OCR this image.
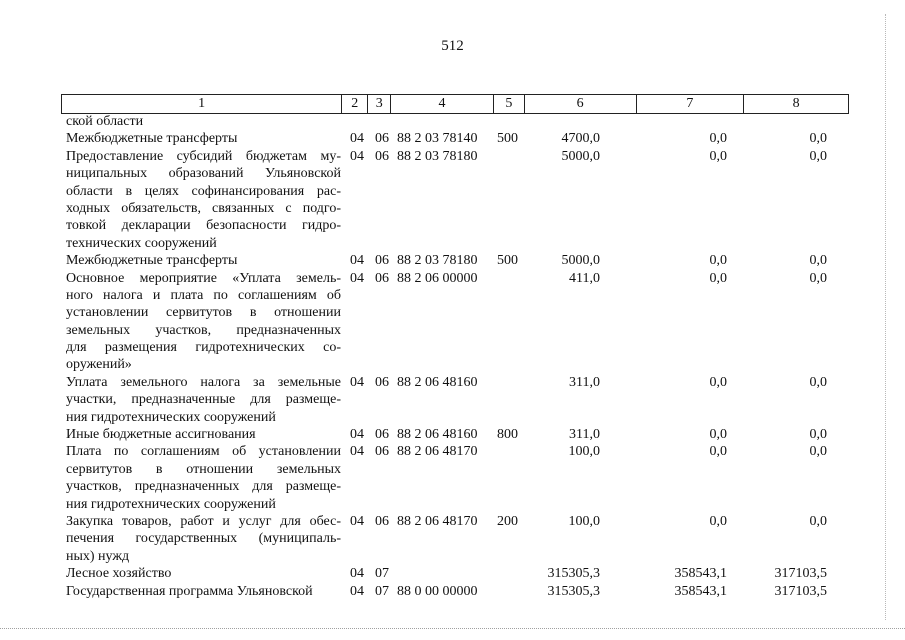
512
1	2	3	4	5	6	7	8
ской области
Межбюджетные трансферты	04 06 88 2 03 78140	500	4700,0	0,0	0,0
Предоставление субсидий бюджетам му-
ниципальных образований Ульяновской
области в целях софинансирования рас-
ходных обязательств, связанных с подго-
товкой декларации безопасности гидро-
технических сооружений
04 06 88 2 03 78180	5000,0	0,0	0,0
Межбюджетные трансферты	04 06 88 2 03 78180	500	5000,0	0,0	0,0
Основное мероприятие «Уплата земель-
ного налога и плата по соглашениям об
установлении сервитутов в отношении
земельных участков, предназначенных
для размещения гидротехнических со-
оружений»
04 06 88 2 06 00000	411,0	0,0	0,0
Уплата земельного налога за земельные
участки, предназначенные для размеще-
ния гидротехнических сооружений
04 06 88 2 06 48160	311,0	0,0	0,0
Иные бюджетные ассигнования	04 06 88 2 06 48160	800	311,0	0,0	0,0
Плата по соглашениям об установлении
сервитутов в отношении земельных
участков, предназначенных для размеще-
ния гидротехнических сооружений
04 06 88 2 06 48170	100,0	0,0	0,0
Закупка товаров, работ и услуг для обес-
печения государственных (муниципаль-
ных) нужд
04 06 88 2 06 48170	200	100,0	0,0	0,0
Лесное хозяйство	04 07	315305,3	358543,1	317103,5
Государственная программа Ульяновской	04 07 88 0 00 00000	315305,3	358543,1	317103,5
